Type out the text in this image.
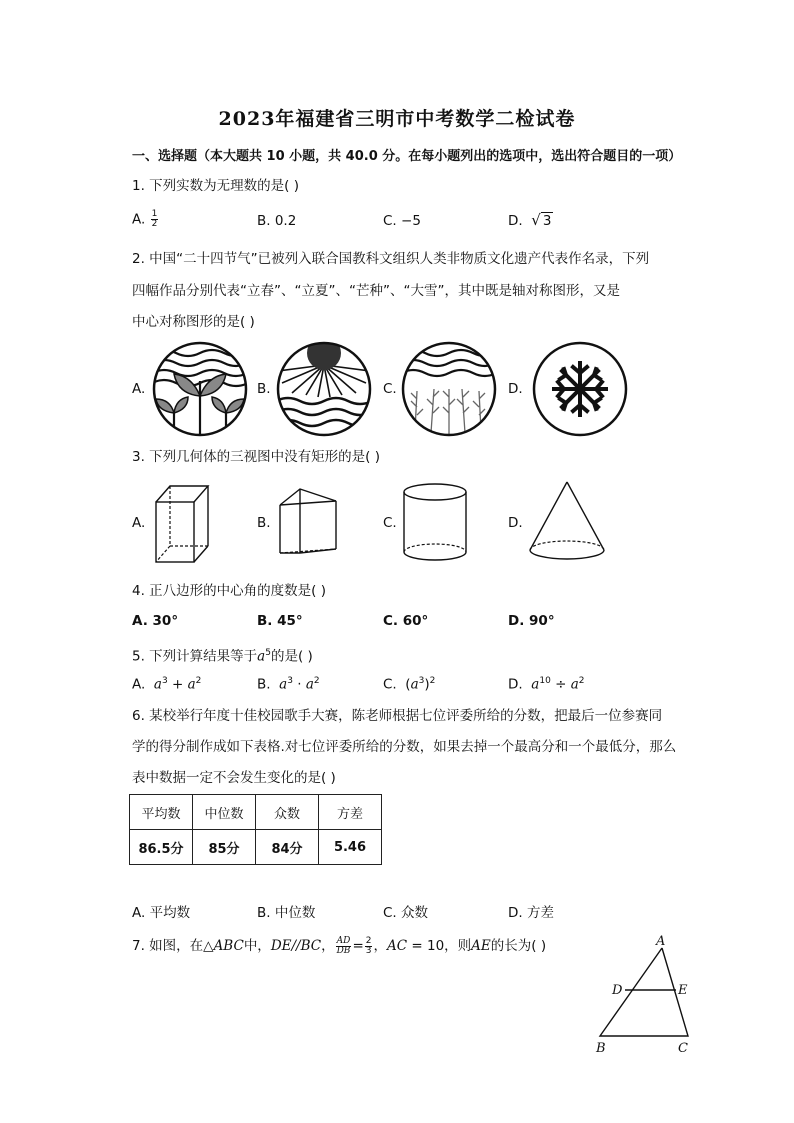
2023年福建省三明市中考数学二检试卷
一、选择题（本大题共 10 小题，共 40.0 分。在每小题列出的选项中，选出符合题目的一项）
1. 下列实数为无理数的是( )
A. $\frac{1}{2}$	B. 0.2	C. −5	D. √ 3
2. 中国“二十四节气”已被列入联合国教科文组织人类非物质文化遗产代表作名录，下列
四幅作品分别代表“立春”、“立夏”、“芒种”、“大雪”，其中既是轴对称图形，又是
中心对称图形的是( )
A.	B.	C.	D.
3. 下列几何体的三视图中没有矩形的是( )
A.	B.	C.	D.
4. 正八边形的中心角的度数是( )
A. 30°	B. 45°	C. 60°	D. 90°
5. 下列计算结果等于$a^5$的是( )
A. $a^3 + a^2$	B. $a^3 \cdot a^2$	C.  $(a^3)^2$	D. $a^{10} \div a^2$
6. 某校举行年度十佳校园歌手大赛，陈老师根据七位评委所给的分数，把最后一位参赛同
学的得分制作成如下表格.对七位评委所给的分数，如果去掉一个最高分和一个最低分，那么
表中数据一定不会发生变化的是( )
平均数	中位数	众数	方差
86.5分	85分	84分	5.46
A. 平均数	B. 中位数	C. 众数	D. 方差
7. 如图，在△ABC中，DE//BC， $\frac{AD}{DB} = \frac{2}{3}$ ，AC = 10，则AE的长为( )	A
D	E
B	C
